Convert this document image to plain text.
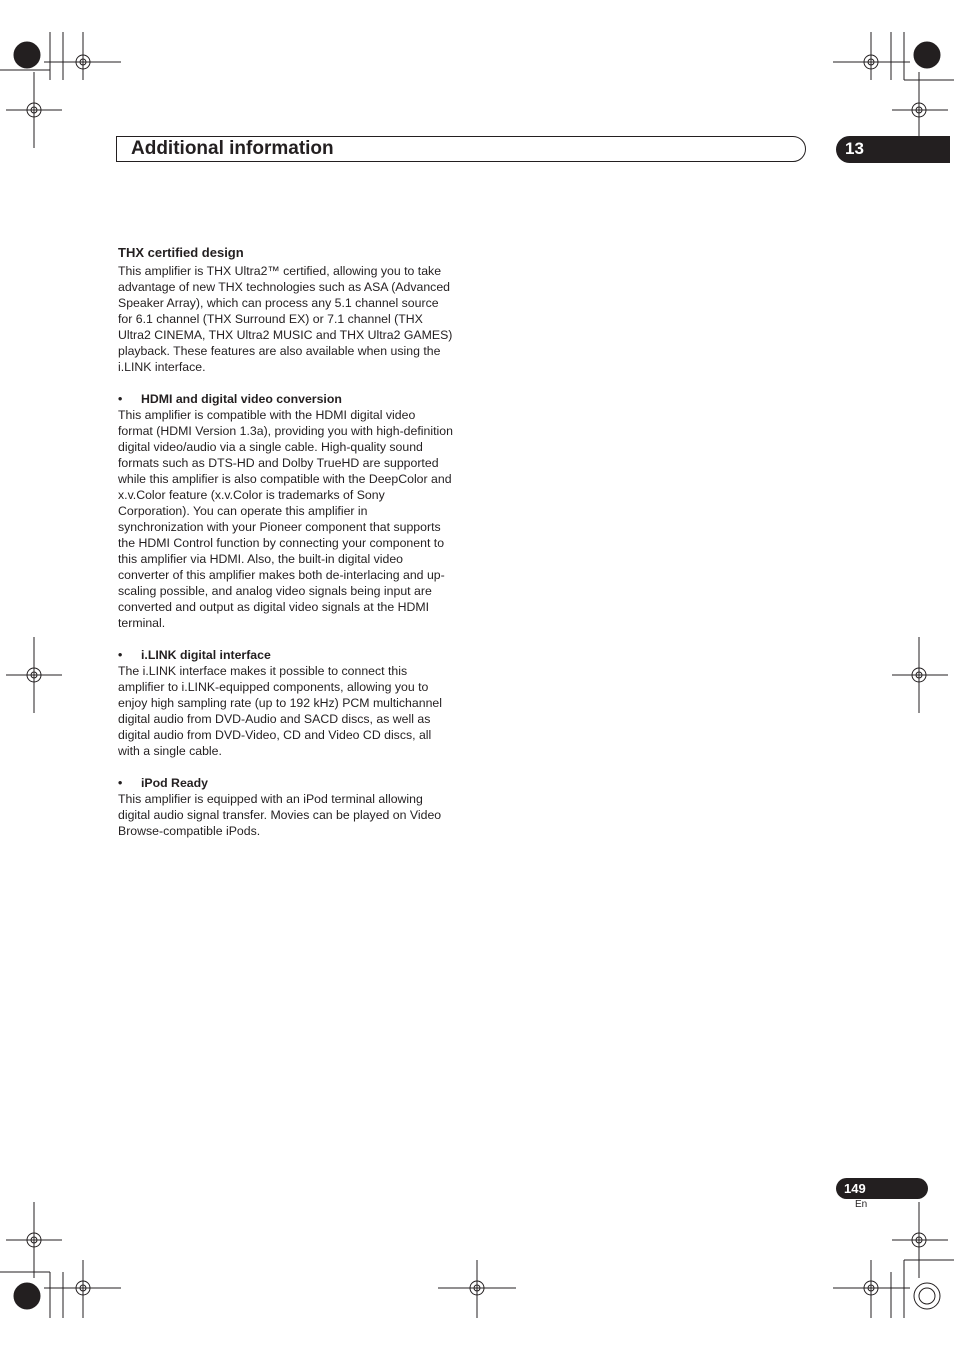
Additional information	13
THX certified design
This amplifier is THX Ultra2™ certified, allowing you to take advantage of new THX technologies such as ASA (Advanced Speaker Array), which can process any 5.1 channel source for 6.1 channel (THX Surround EX) or 7.1 channel (THX Ultra2 CINEMA, THX Ultra2 MUSIC and THX Ultra2 GAMES) playback. These features are also available when using the i.LINK interface.
• HDMI and digital video conversion
This amplifier is compatible with the HDMI digital video format (HDMI Version 1.3a), providing you with high-definition digital video/audio via a single cable. High-quality sound formats such as DTS-HD and Dolby TrueHD are supported while this amplifier is also compatible with the DeepColor and x.v.Color feature (x.v.Color is trademarks of Sony Corporation). You can operate this amplifier in synchronization with your Pioneer component that supports the HDMI Control function by connecting your component to this amplifier via HDMI. Also, the built-in digital video converter of this amplifier makes both de-interlacing and up-scaling possible, and analog video signals being input are converted and output as digital video signals at the HDMI terminal.
• i.LINK digital interface
The i.LINK interface makes it possible to connect this amplifier to i.LINK-equipped components, allowing you to enjoy high sampling rate (up to 192 kHz) PCM multichannel digital audio from DVD-Audio and SACD discs, as well as digital audio from DVD-Video, CD and Video CD discs, all with a single cable.
• iPod Ready
This amplifier is equipped with an iPod terminal allowing digital audio signal transfer. Movies can be played on Video Browse-compatible iPods.
149
En
